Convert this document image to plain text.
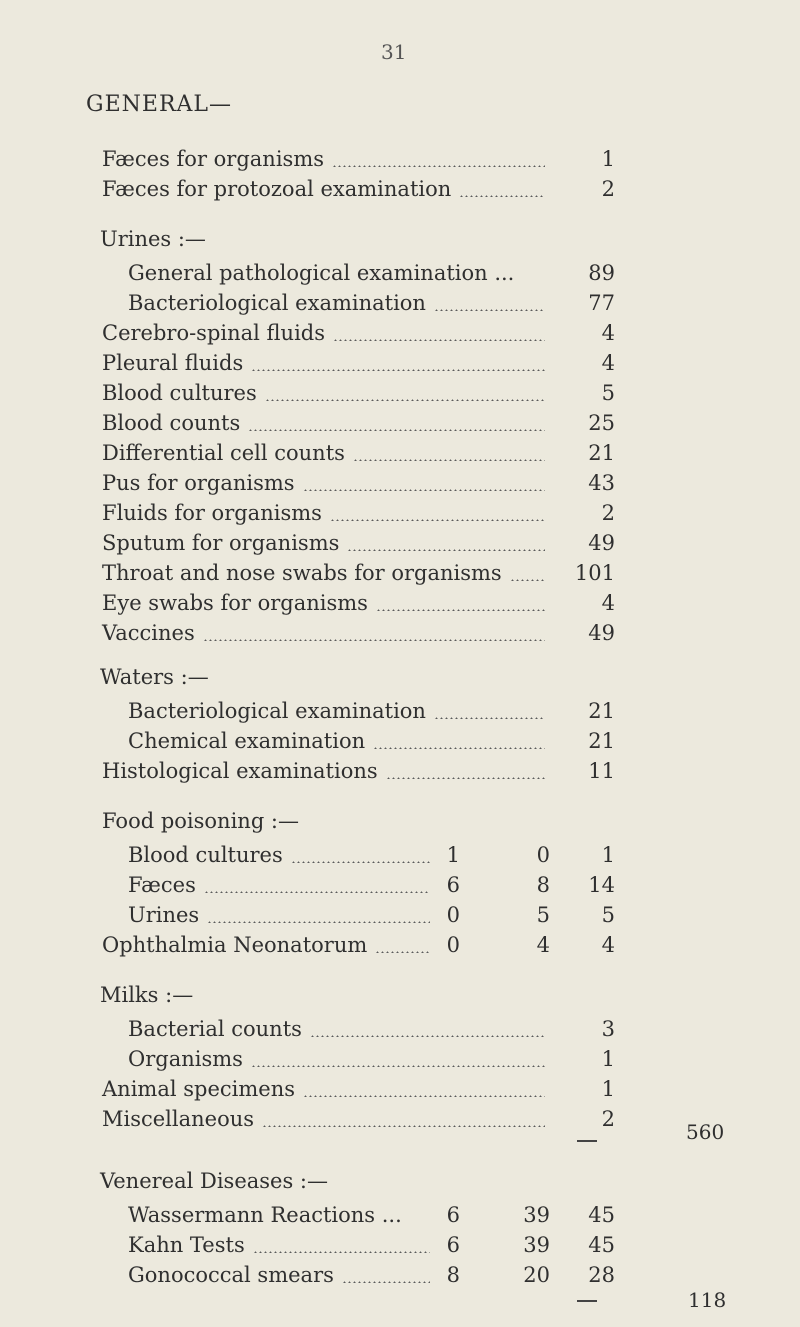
31
GENERAL—
Fæces for organisms	1
Fæces for protozoal examination	2
Urines :—
General pathological examination ...	89
Bacteriological examination	77
Cerebro-spinal fluids	4
Pleural fluids	4
Blood cultures	5
Blood counts	25
Differential cell counts	21
Pus for organisms	43
Fluids for organisms	2
Sputum for organisms	49
Throat and nose swabs for organisms	101
Eye swabs for organisms	4
Vaccines	49
Waters :—
Bacteriological examination	21
Chemical examination	21
Histological examinations	11
Food poisoning :—
Blood cultures	1	0	1
Fæces	6	8	14
Urines	0	5	5
Ophthalmia Neonatorum	0	4	4
Milks :—
Bacterial counts	3
Organisms	1
Animal specimens	1
Miscellaneous	2
Venereal Diseases :—
Wassermann Reactions ...	6	39	45
Kahn Tests	6	39	45
Gonococcal smears	8	20	28
560
118
